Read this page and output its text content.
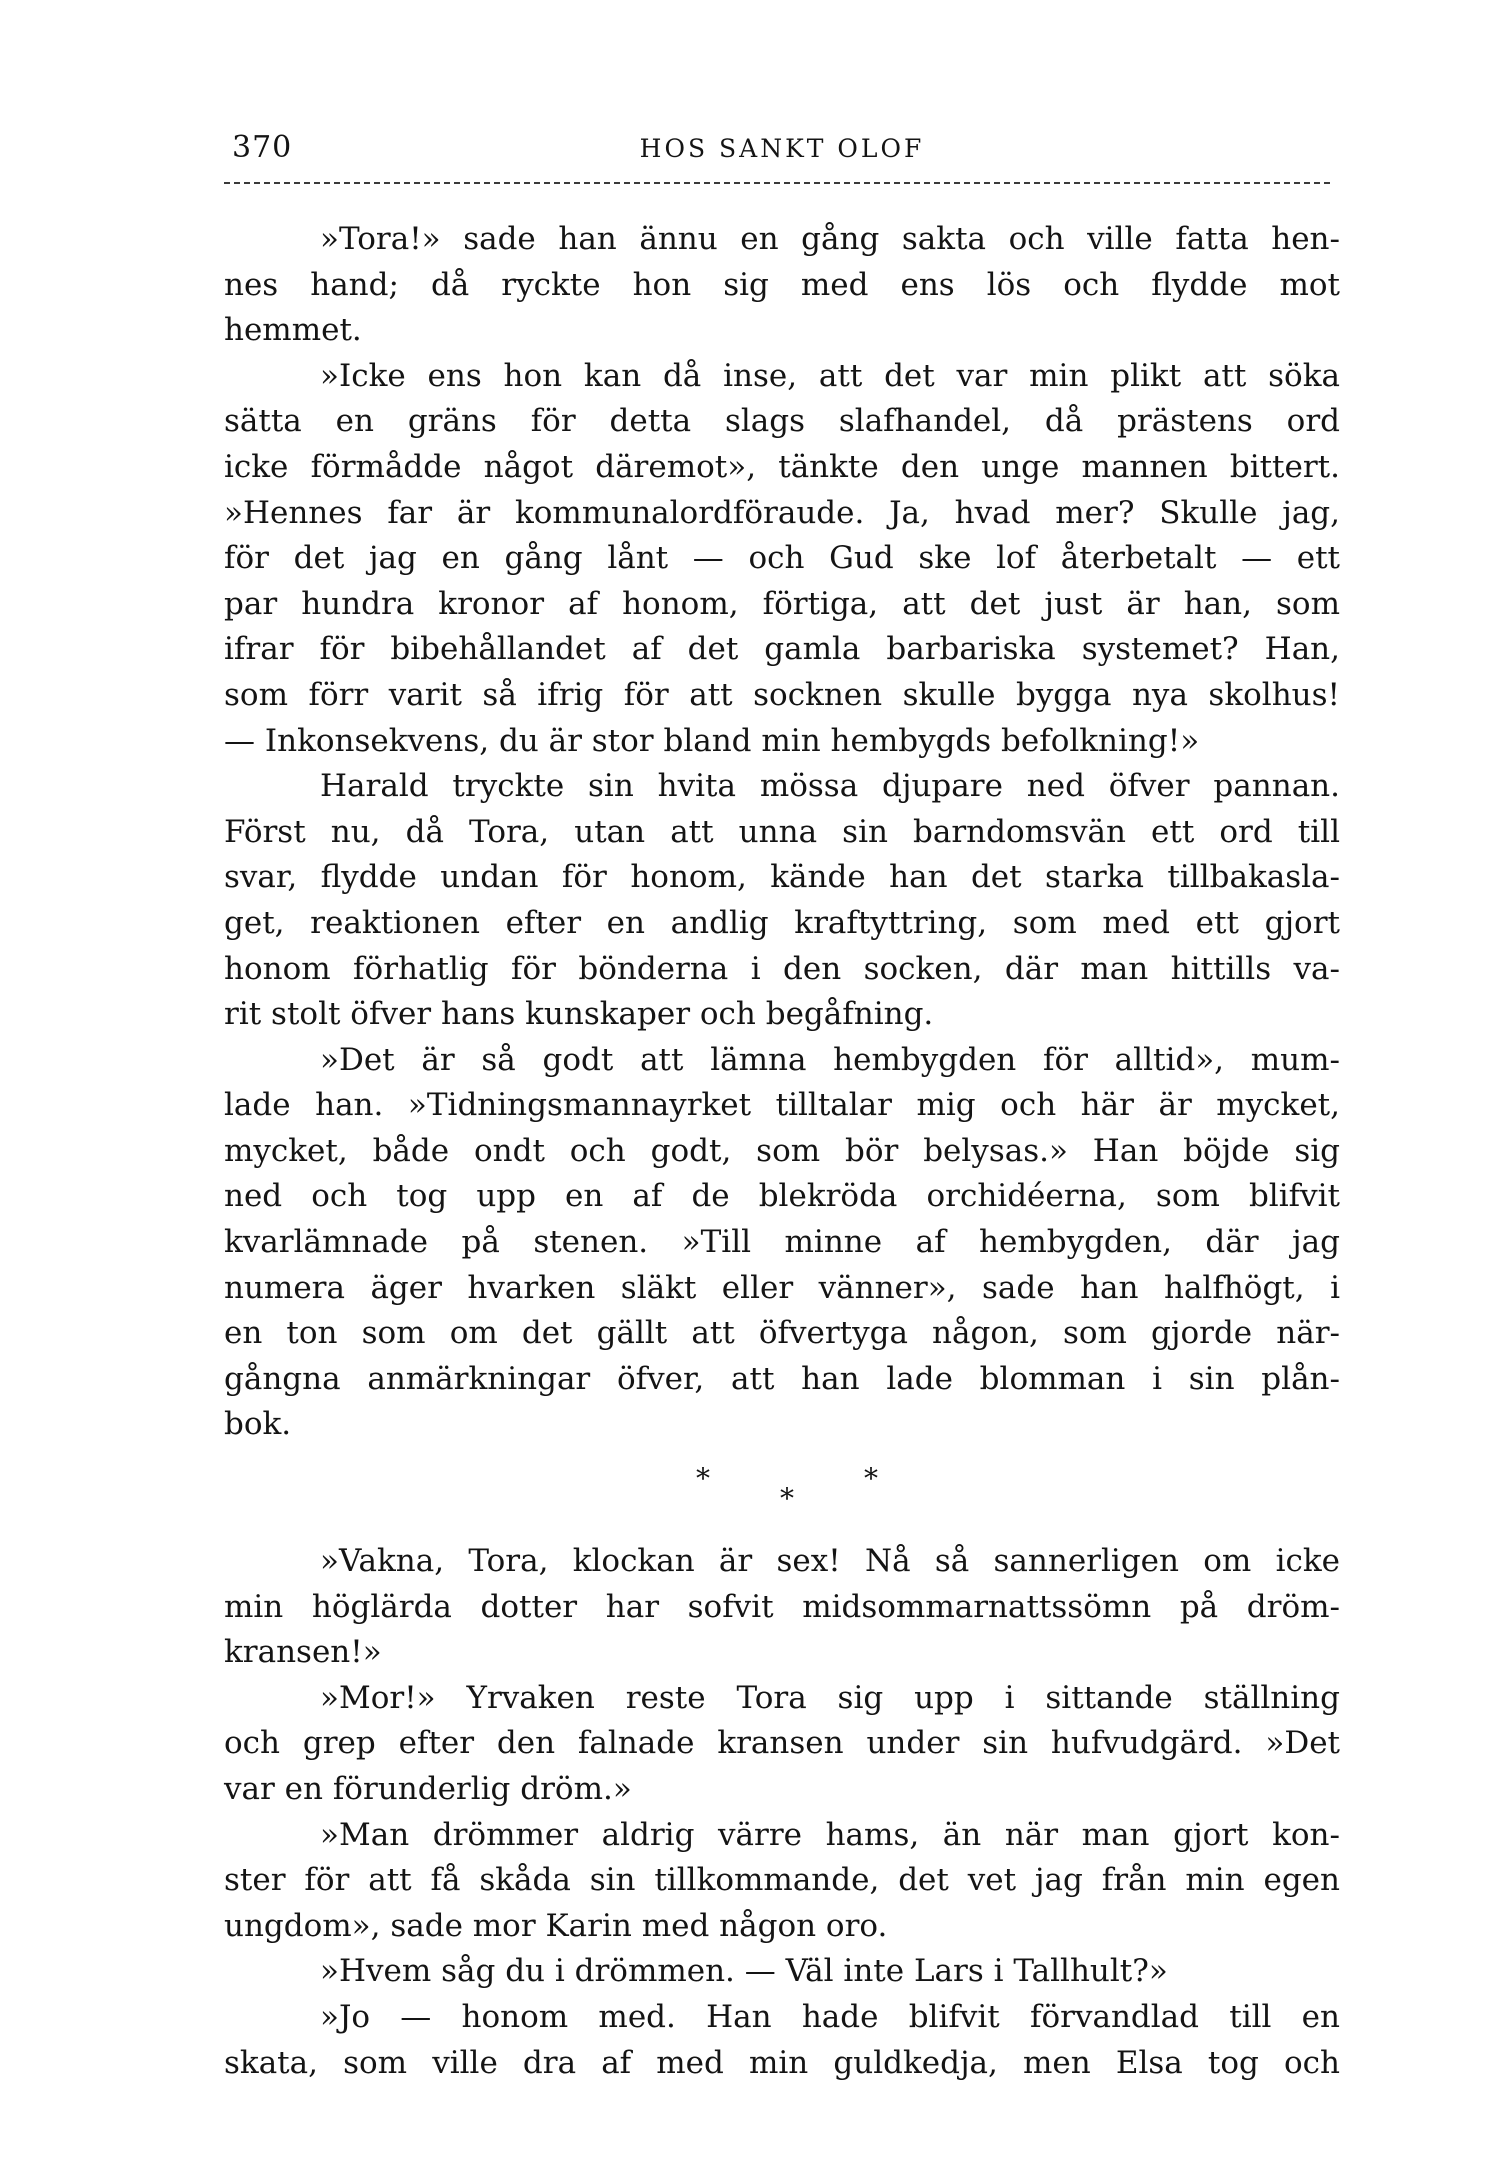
370	HOS SANKT OLOF
»Tora!» sade han ännu en gång sakta och ville fatta hen-
nes hand; då ryckte hon sig med ens lös och flydde mot
hemmet.
»Icke ens hon kan då inse, att det var min plikt att söka
sätta en gräns för detta slags slafhandel, då prästens ord
icke förmådde något däremot», tänkte den unge mannen bittert.
»Hennes far är kommunalordföraude. Ja, hvad mer? Skulle jag,
för det jag en gång lånt — och Gud ske lof återbetalt — ett
par hundra kronor af honom, förtiga, att det just är han, som
ifrar för bibehållandet af det gamla barbariska systemet? Han,
som förr varit så ifrig för att socknen skulle bygga nya skolhus!
— Inkonsekvens, du är stor bland min hembygds befolkning!»
Harald tryckte sin hvita mössa djupare ned öfver pannan.
Först nu, då Tora, utan att unna sin barndomsvän ett ord till
svar, flydde undan för honom, kände han det starka tillbakasla-
get, reaktionen efter en andlig kraftyttring, som med ett gjort
honom förhatlig för bönderna i den socken, där man hittills va-
rit stolt öfver hans kunskaper och begåfning.
»Det är så godt att lämna hembygden för alltid», mum-
lade han. »Tidningsmannayrket tilltalar mig och här är mycket,
mycket, både ondt och godt, som bör belysas.» Han böjde sig
ned och tog upp en af de blekröda orchidéerna, som blifvit
kvarlämnade på stenen. »Till minne af hembygden, där jag
numera äger hvarken släkt eller vänner», sade han halfhögt, i
en ton som om det gällt att öfvertyga någon, som gjorde när-
gångna anmärkningar öfver, att han lade blomman i sin plån-
bok.
*
*
*
»Vakna, Tora, klockan är sex! Nå så sannerligen om icke
min höglärda dotter har sofvit midsommarnattssömn på dröm-
kransen!»
»Mor!» Yrvaken reste Tora sig upp i sittande ställning
och grep efter den falnade kransen under sin hufvudgärd. »Det
var en förunderlig dröm.»
»Man drömmer aldrig värre hams, än när man gjort kon-
ster för att få skåda sin tillkommande, det vet jag från min egen
ungdom», sade mor Karin med någon oro.
»Hvem såg du i drömmen. — Väl inte Lars i Tallhult?»
»Jo — honom med. Han hade blifvit förvandlad till en
skata, som ville dra af med min guldkedja, men Elsa tog och
